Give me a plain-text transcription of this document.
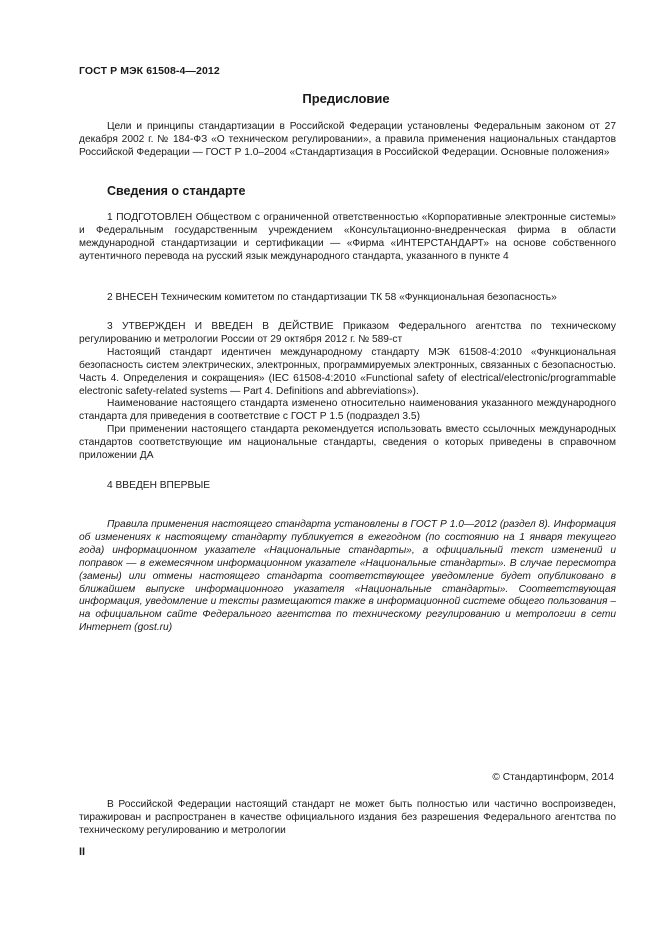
ГОСТ Р МЭК 61508-4—2012
Предисловие

Цели и принципы стандартизации в Российской Федерации установлены Федеральным законом от 27 декабря 2002 г. № 184-ФЗ «О техническом регулировании», а правила применения национальных стандартов Российской Федерации — ГОСТ Р 1.0–2004 «Стандартизация в Российской Федерации. Основные положения»

Сведения о стандарте

1 ПОДГОТОВЛЕН Обществом с ограниченной ответственностью «Корпоративные электронные системы» и Федеральным государственным учреждением «Консультационно-внедренческая фирма в области международной стандартизации и сертификации — «Фирма «ИНТЕРСТАНДАРТ» на основе собственного аутентичного перевода на русский язык международного стандарта, указанного в пункте 4

2 ВНЕСЕН Техническим комитетом по стандартизации ТК 58 «Функциональная безопасность»

3 УТВЕРЖДЕН И ВВЕДЕН В ДЕЙСТВИЕ Приказом Федерального агентства по техническому регулированию и метрологии России от 29 октября 2012 г. № 589-ст

Настоящий стандарт идентичен международному стандарту МЭК 61508-4:2010 «Функциональная безопасность систем электрических, электронных, программируемых электронных, связанных с безопасностью. Часть 4. Определения и сокращения» (IEC 61508-4:2010 «Functional safety of electrical/electronic/programmable electronic safety-related systems — Part 4. Definitions and abbreviations»).

Наименование настоящего стандарта изменено относительно наименования указанного международного стандарта для приведения в соответствие с ГОСТ Р 1.5 (подраздел 3.5)

При применении настоящего стандарта рекомендуется использовать вместо ссылочных международных стандартов соответствующие им национальные стандарты, сведения о которых приведены в справочном приложении ДА

4 ВВЕДЕН ВПЕРВЫЕ

Правила применения настоящего стандарта установлены в ГОСТ Р 1.0—2012 (раздел 8). Информация об изменениях к настоящему стандарту публикуется в ежегодном (по состоянию на 1 января текущего года) информационном указателе «Национальные стандарты», а официальный текст изменений и поправок — в ежемесячном информационном указателе «Национальные стандарты». В случае пересмотра (замены) или отмены настоящего стандарта соответствующее уведомление будет опубликовано в ближайшем выпуске информационного указателя «Национальные стандарты». Соответствующая информация, уведомление и тексты размещаются также в информационной системе общего пользования – на официальном сайте Федерального агентства по техническому регулированию и метрологии в сети Интернет (gost.ru)

© Стандартинформ, 2014

В Российской Федерации настоящий стандарт не может быть полностью или частично воспроизведен, тиражирован и распространен в качестве официального издания без разрешения Федерального агентства по техническому регулированию и метрологии

II
